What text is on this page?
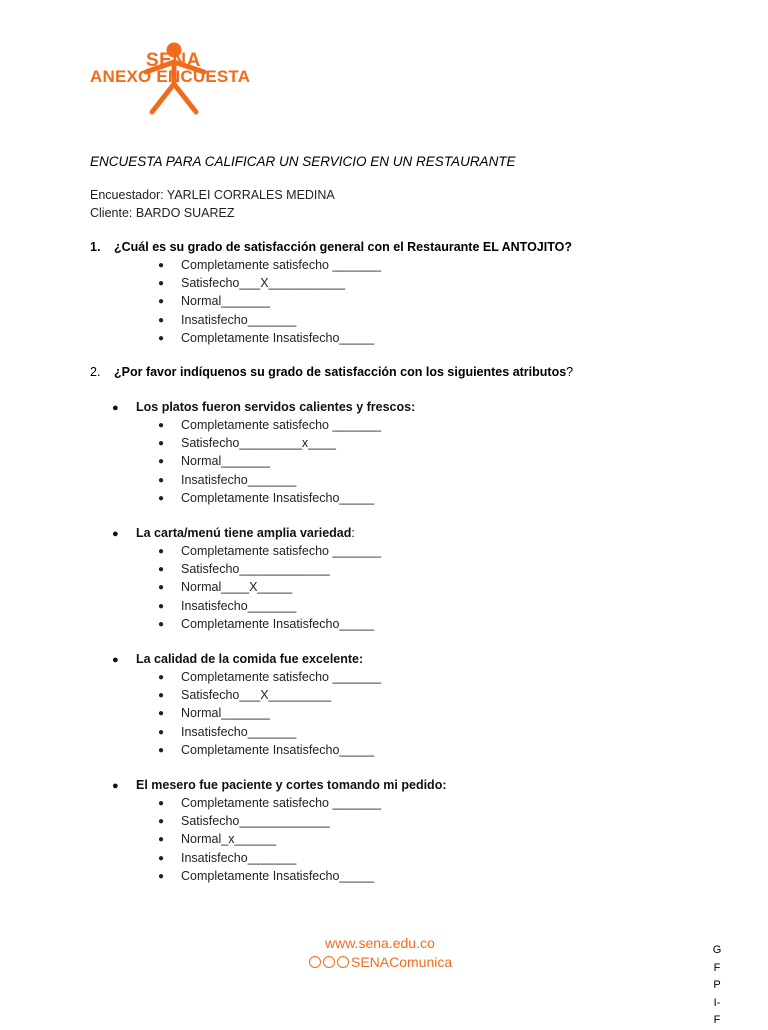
SENA
ANEXO ENCUESTA
ENCUESTA PARA CALIFICAR UN SERVICIO EN UN RESTAURANTE
Encuestador: YARLEI CORRALES MEDINA
Cliente: BARDO SUAREZ
1. ¿Cuál es su grado de satisfacción general con el Restaurante EL ANTOJITO?
● Completamente satisfecho _______
● Satisfecho___X___________
● Normal_______
● Insatisfecho_______
● Completamente Insatisfecho_____
2. ¿Por favor indíquenos su grado de satisfacción con los siguientes atributos?
● Los platos fueron servidos calientes y frescos:
● Completamente satisfecho _______
● Satisfecho_________x____
● Normal_______
● Insatisfecho_______
● Completamente Insatisfecho_____
● La carta/menú tiene amplia variedad:
● Completamente satisfecho _______
● Satisfecho_____________
● Normal____X_____
● Insatisfecho_______
● Completamente Insatisfecho_____
● La calidad de la comida fue excelente:
● Completamente satisfecho _______
● Satisfecho___X_________
● Normal_______
● Insatisfecho_______
● Completamente Insatisfecho_____
● El mesero fue paciente y cortes tomando mi pedido:
● Completamente satisfecho _______
● Satisfecho_____________
● Normal_x______
● Insatisfecho_______
● Completamente Insatisfecho_____
www.sena.edu.co
SENAComunica
G
F
P
I-
F
